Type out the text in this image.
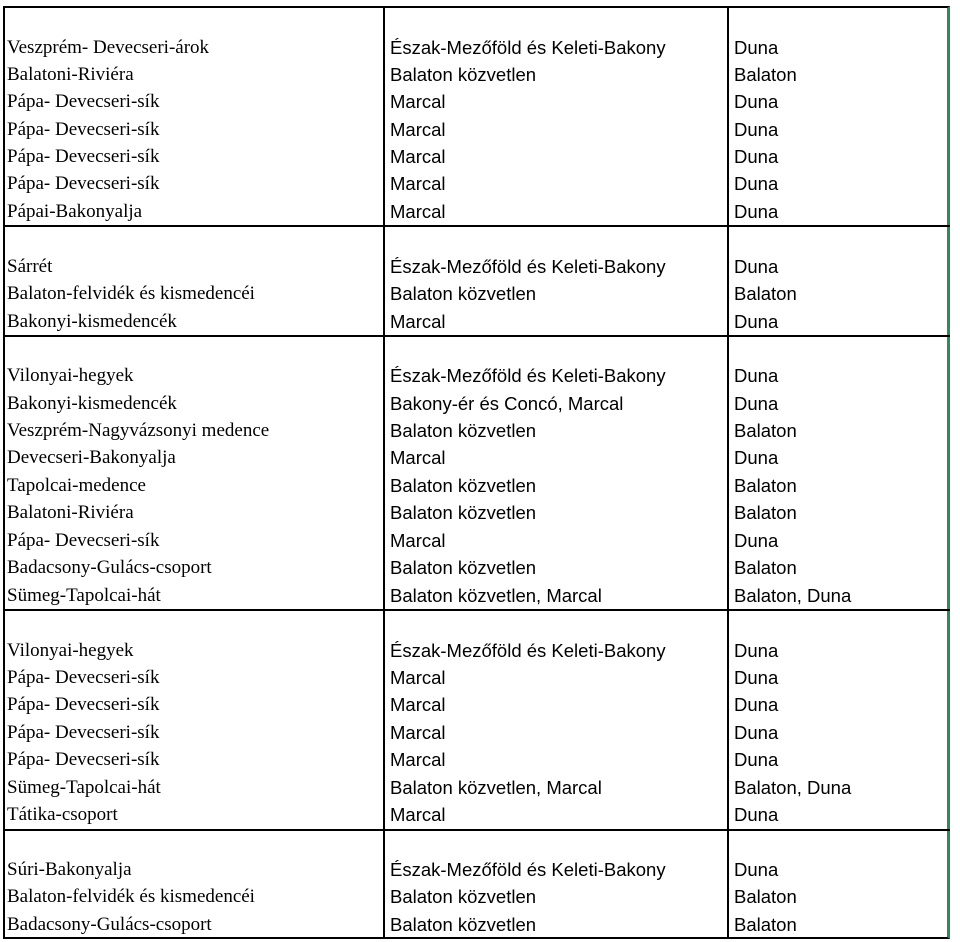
Veszprém- Devecseri-árok	Észak-Mezőföld és Keleti-Bakony	Duna
Balatoni-Riviéra	Balaton közvetlen	Balaton
Pápa- Devecseri-sík	Marcal	Duna
Pápa- Devecseri-sík	Marcal	Duna
Pápa- Devecseri-sík	Marcal	Duna
Pápa- Devecseri-sík	Marcal	Duna
Pápai-Bakonyalja	Marcal	Duna
Sárrét	Észak-Mezőföld és Keleti-Bakony	Duna
Balaton-felvidék és kismedencéi	Balaton közvetlen	Balaton
Bakonyi-kismedencék	Marcal	Duna
Vilonyai-hegyek	Észak-Mezőföld és Keleti-Bakony	Duna
Bakonyi-kismedencék	Bakony-ér és Concó, Marcal	Duna
Veszprém-Nagyvázsonyi medence	Balaton közvetlen	Balaton
Devecseri-Bakonyalja	Marcal	Duna
Tapolcai-medence	Balaton közvetlen	Balaton
Balatoni-Riviéra	Balaton közvetlen	Balaton
Pápa- Devecseri-sík	Marcal	Duna
Badacsony-Gulács-csoport	Balaton közvetlen	Balaton
Sümeg-Tapolcai-hát	Balaton közvetlen, Marcal	Balaton, Duna
Vilonyai-hegyek	Észak-Mezőföld és Keleti-Bakony	Duna
Pápa- Devecseri-sík	Marcal	Duna
Pápa- Devecseri-sík	Marcal	Duna
Pápa- Devecseri-sík	Marcal	Duna
Pápa- Devecseri-sík	Marcal	Duna
Sümeg-Tapolcai-hát	Balaton közvetlen, Marcal	Balaton, Duna
Tátika-csoport	Marcal	Duna
Súri-Bakonyalja	Észak-Mezőföld és Keleti-Bakony	Duna
Balaton-felvidék és kismedencéi	Balaton közvetlen	Balaton
Badacsony-Gulács-csoport	Balaton közvetlen	Balaton
